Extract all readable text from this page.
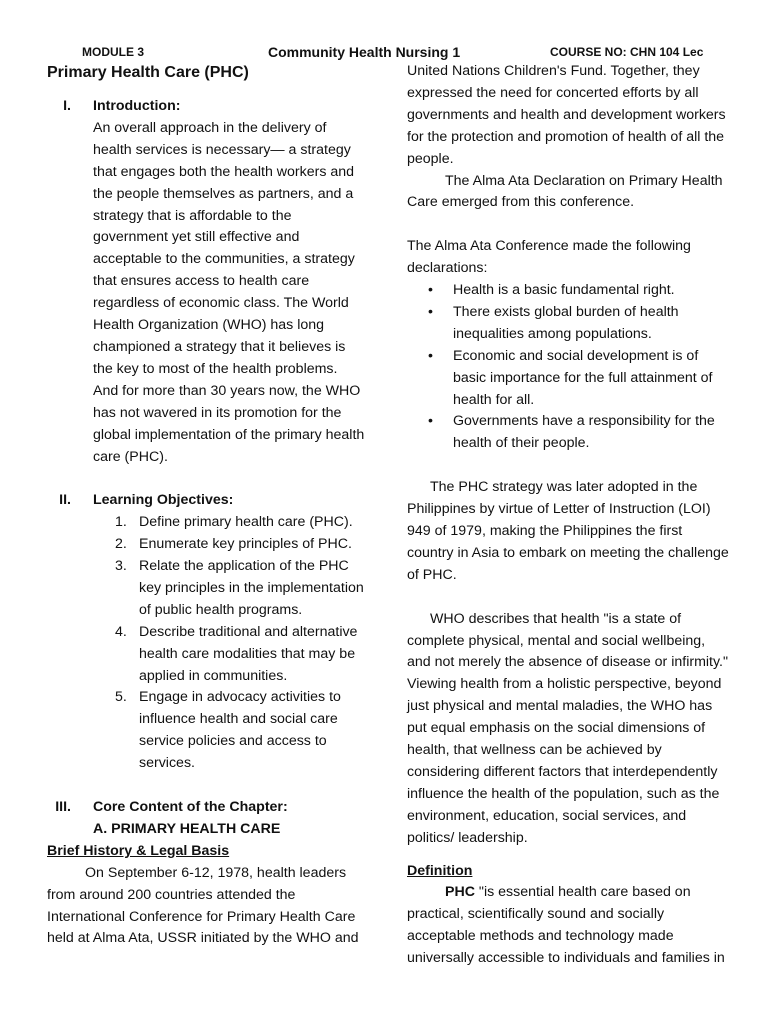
MODULE 3	Community Health Nursing 1	COURSE NO: CHN 104 Lec

Primary Health Care (PHC)

I. Introduction:

An overall approach in the delivery of health services is necessary— a strategy that engages both the health workers and the people themselves as partners, and a strategy that is affordable to the government yet still effective and acceptable to the communities, a strategy that ensures access to health care regardless of economic class. The World Health Organization (WHO) has long championed a strategy that it believes is the key to most of the health problems. And for more than 30 years now, the WHO has not wavered in its promotion for the global implementation of the primary health care (PHC).

II. Learning Objectives:

1. Define primary health care (PHC).
2. Enumerate key principles of PHC.
3. Relate the application of the PHC key principles in the implementation of public health programs.
4. Describe traditional and alternative health care modalities that may be applied in communities.
5. Engage in advocacy activities to influence health and social care service policies and access to services.
III. Core Content of the Chapter:

A. PRIMARY HEALTH CARE

Brief History & Legal Basis

On September 6-12, 1978, health leaders from around 200 countries attended the International Conference for Primary Health Care held at Alma Ata, USSR initiated by the WHO and

United Nations Children's Fund. Together, they expressed the need for concerted efforts by all governments and health and development workers for the protection and promotion of health of all the people.

The Alma Ata Declaration on Primary Health Care emerged from this conference.

The Alma Ata Conference made the following declarations:

• Health is a basic fundamental right.
• There exists global burden of health inequalities among populations.
• Economic and social development is of basic importance for the full attainment of health for all.
• Governments have a responsibility for the health of their people.

The PHC strategy was later adopted in the Philippines by virtue of Letter of Instruction (LOI) 949 of 1979, making the Philippines the first country in Asia to embark on meeting the challenge of PHC.

WHO describes that health "is a state of complete physical, mental and social wellbeing, and not merely the absence of disease or infirmity." Viewing health from a holistic perspective, beyond just physical and mental maladies, the WHO has put equal emphasis on the social dimensions of health, that wellness can be achieved by considering different factors that interdependently influence the health of the population, such as the environment, education, social services, and politics/ leadership.

Definition

PHC "is essential health care based on practical, scientifically sound and socially acceptable methods and technology made universally accessible to individuals and families in
